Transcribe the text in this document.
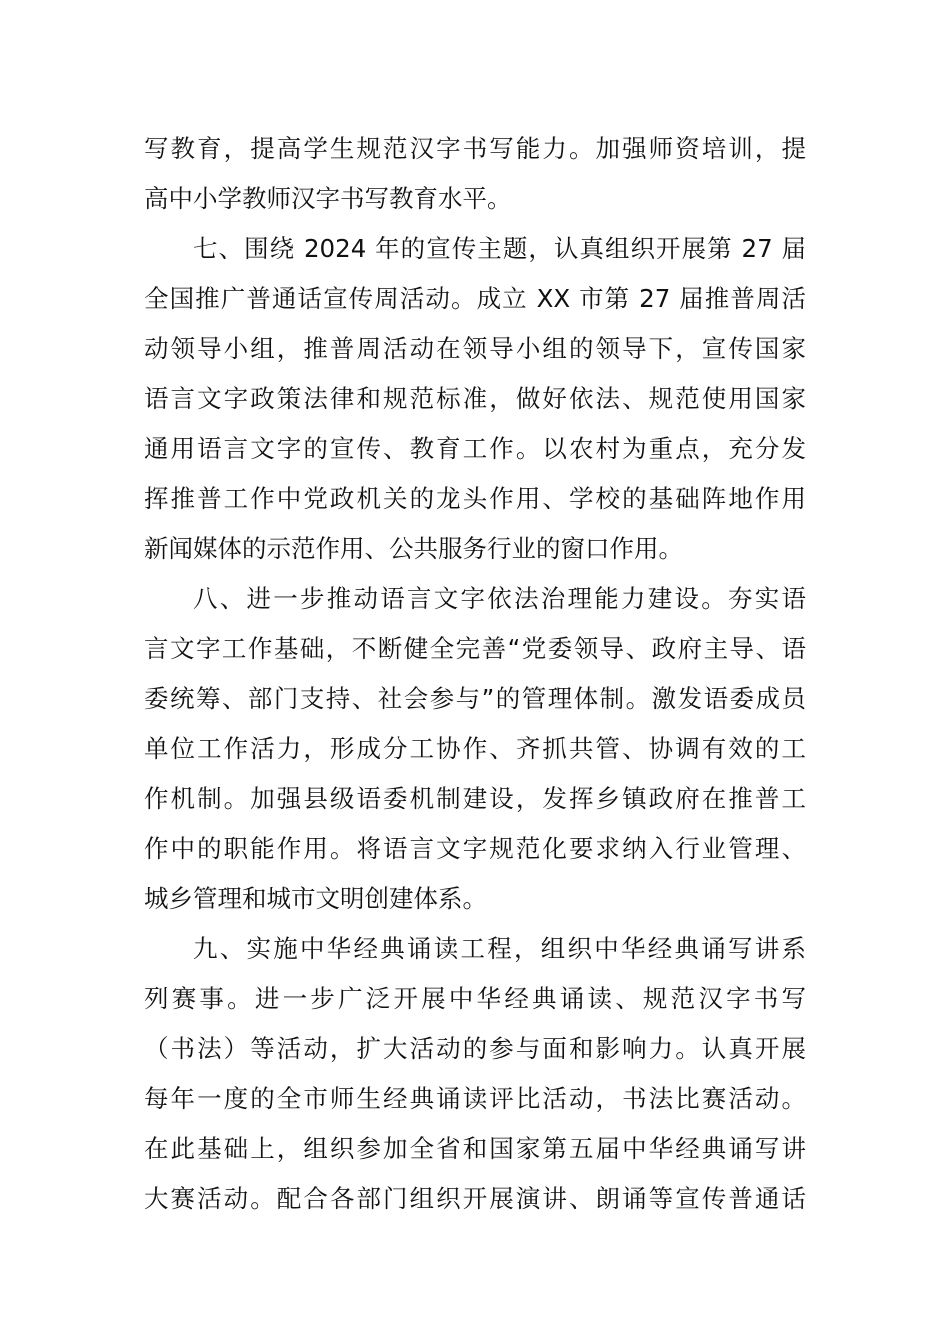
写教育，提高学生规范汉字书写能力。加强师资培训，提
高中小学教师汉字书写教育水平。
七、围绕 2024 年的宣传主题，认真组织开展第 27 届
全国推广普通话宣传周活动。成立 XX 市第 27 届推普周活
动领导小组，推普周活动在领导小组的领导下，宣传国家
语言文字政策法律和规范标准，做好依法、规范使用国家
通用语言文字的宣传、教育工作。以农村为重点，充分发
挥推普工作中党政机关的龙头作用、学校的基础阵地作用
新闻媒体的示范作用、公共服务行业的窗口作用。
八、进一步推动语言文字依法治理能力建设。夯实语
言文字工作基础，不断健全完善“党委领导、政府主导、语
委统筹、部门支持、社会参与”的管理体制。激发语委成员
单位工作活力，形成分工协作、齐抓共管、协调有效的工
作机制。加强县级语委机制建设，发挥乡镇政府在推普工
作中的职能作用。将语言文字规范化要求纳入行业管理、
城乡管理和城市文明创建体系。
九、实施中华经典诵读工程，组织中华经典诵写讲系
列赛事。进一步广泛开展中华经典诵读、规范汉字书写
（书法）等活动，扩大活动的参与面和影响力。认真开展
每年一度的全市师生经典诵读评比活动，书法比赛活动。
在此基础上，组织参加全省和国家第五届中华经典诵写讲
大赛活动。配合各部门组织开展演讲、朗诵等宣传普通话
